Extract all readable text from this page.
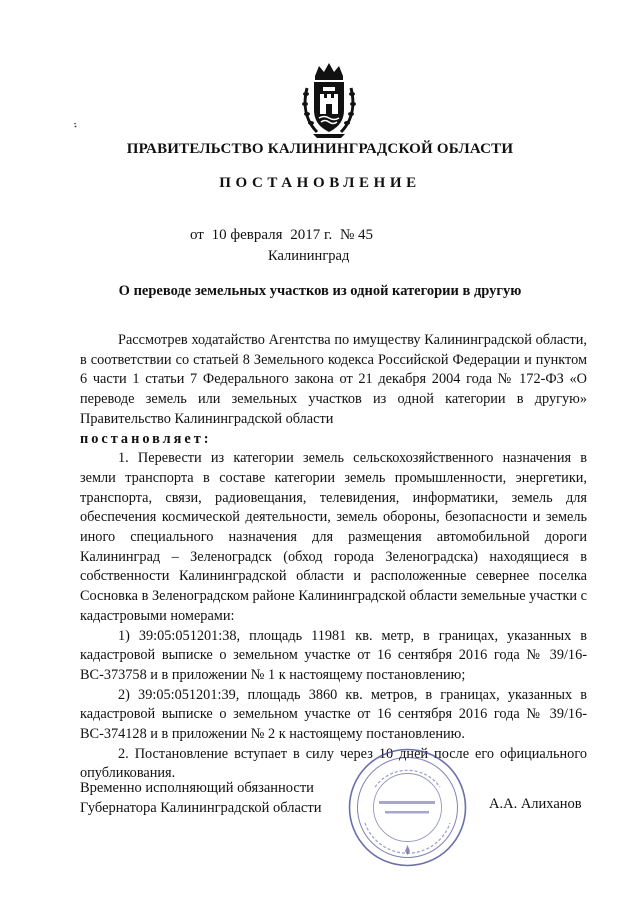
ПРАВИТЕЛЬСТВО КАЛИНИНГРАДСКОЙ ОБЛАСТИ
ПОСТАНОВЛЕНИЕ
от 10 февраля 2017 г. № 45
Калининград
О переводе земельных участков из одной категории в другую

Рассмотрев ходатайство Агентства по имуществу Калининградской области, в соответствии со статьей 8 Земельного кодекса Российской Федерации и пунктом 6 части 1 статьи 7 Федерального закона от 21 декабря 2004 года № 172-ФЗ «О переводе земель или земельных участков из одной категории в другую» Правительство Калининградской области

постановляет:

1. Перевести из категории земель сельскохозяйственного назначения в земли транспорта в составе категории земель промышленности, энергетики, транспорта, связи, радиовещания, телевидения, информатики, земель для обеспечения космической деятельности, земель обороны, безопасности и земель иного специального назначения для размещения автомобильной дороги Калининград – Зеленоградск (обход города Зеленоградска) находящиеся в собственности Калининградской области и расположенные севернее поселка Сосновка в Зеленоградском районе Калининградской области земельные участки с кадастровыми номерами:

1) 39:05:051201:38, площадь 11981 кв. метр, в границах, указанных в кадастровой выписке о земельном участке от 16 сентября 2016 года № 39/16-ВС-373758 и в приложении № 1 к настоящему постановлению;

2) 39:05:051201:39, площадь 3860 кв. метров, в границах, указанных в кадастровой выписке о земельном участке от 16 сентября 2016 года № 39/16-ВС-374128 и в приложении № 2 к настоящему постановлению.

2. Постановление вступает в силу через 10 дней после его официального опубликования.

Временно исполняющий обязанности
Губернатора Калининградской области	А.А. Алиханов
